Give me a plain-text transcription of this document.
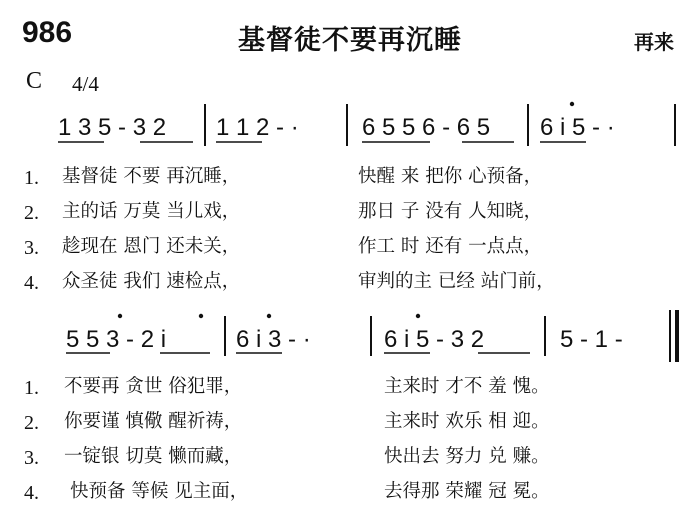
986	基督徒不要再沉睡	再来
C 4/4
1 3 5 - 3 2 1 1 2 - ·	6 5 5 6 - 6 5 6 i 5 - ·
1. 基督徒 不要 再沉睡，	快醒 来 把你 心预备，
2. 主的话 万莫 当儿戏，	那日 子 没有 人知晓，
3. 趁现在 恩门 还未关，	作工 时 还有 一点点，
4. 众圣徒 我们 速检点，	审判的主 已经 站门前，
5 5 3 - 2 i	6 i 3 - ·	6 i 5 - 3 2	5 - 1 -
1. 不要再 贪世 俗犯罪，	主来时 才不 羞 愧。
2. 你要谨 慎儆 醒祈祷，	主来时 欢乐 相 迎。
3. 一锭银 切莫 懒而藏，	快出去 努力 兑 赚。
4. 快预备 等候 见主面，	去得那 荣耀 冠 冕。
